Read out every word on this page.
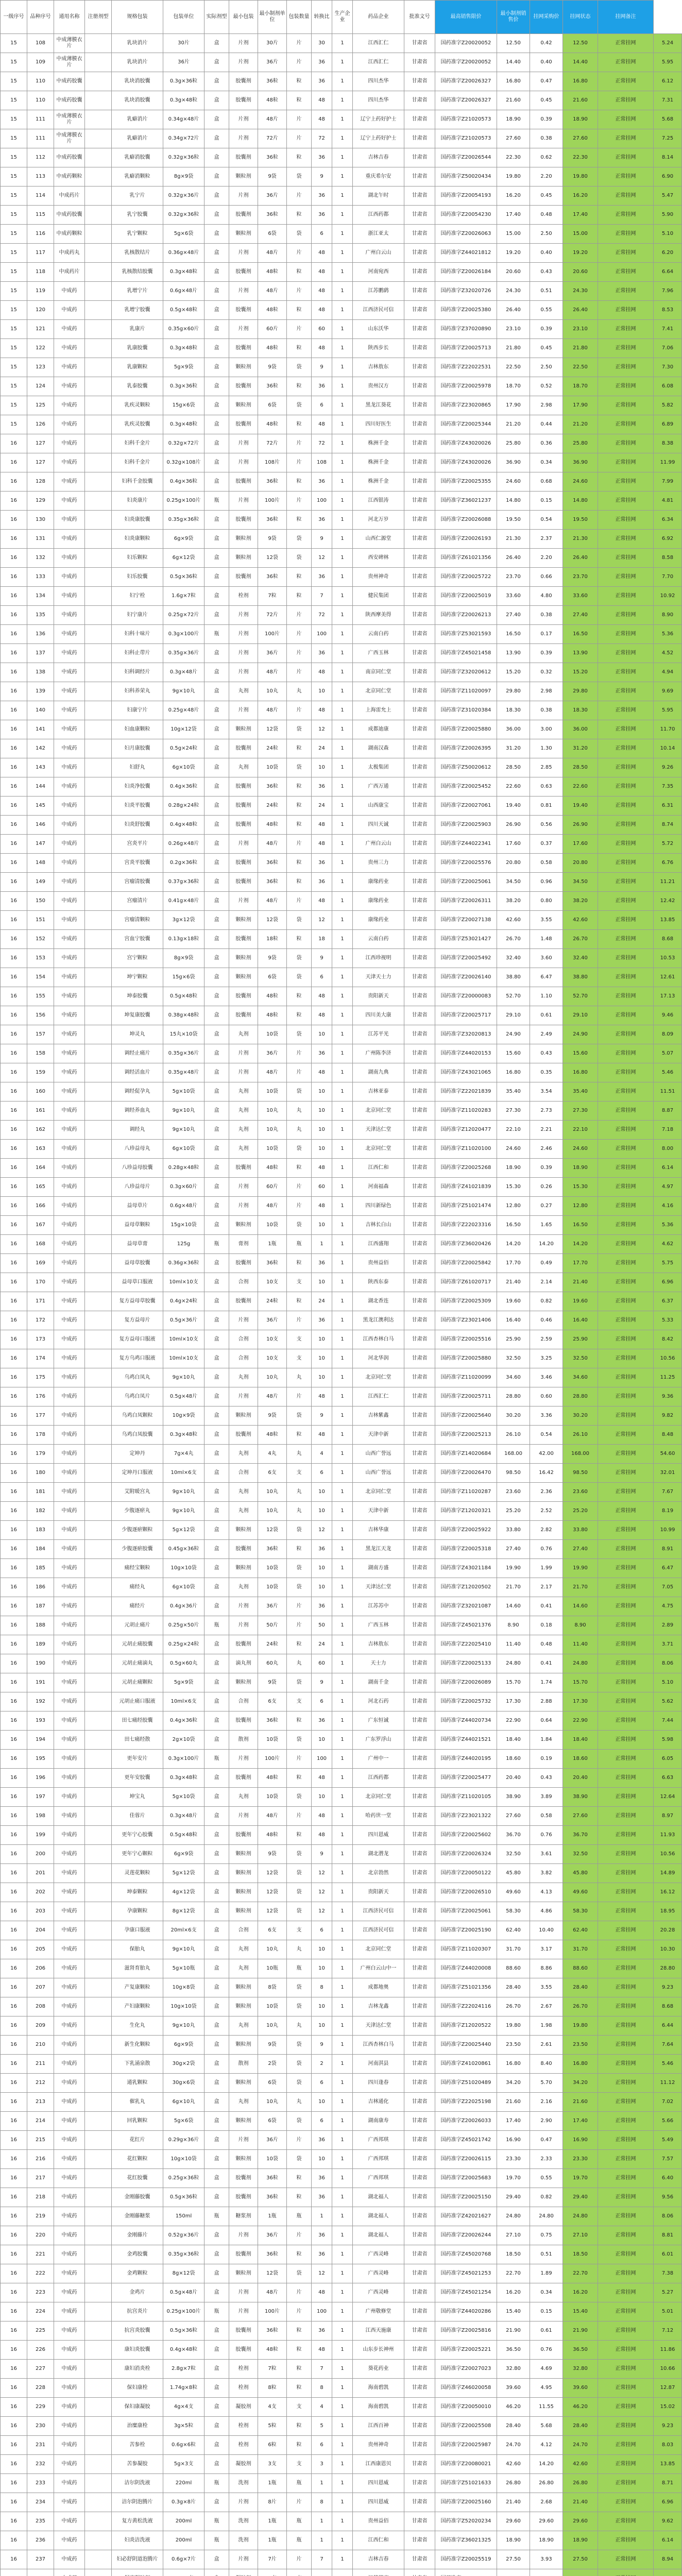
一级序号	品种序号	通用名称	注册剂型	规格包装	包装单位	实际剂型	最小包装	最小制剂单位	包装数量	转换比	生产企业	药品企业	批准文号	最高销售限价	最小制剂销售价	挂网采购价	挂网状态	挂网备注	
15	108	中成薄膜衣片		乳块消片	30片	盒	片剂	30片	片	30	1	江西汇仁	甘肃省	国药准字Z20020052	12.50	0.42	12.50	正常挂网	5.24
15	109	中成薄膜衣片		乳块消片	36片	盒	片剂	36片	片	36	1	江西汇仁	甘肃省	国药准字Z20020052	14.40	0.40	14.40	正常挂网	5.95
15	110	中成药胶囊		乳块消胶囊	0.3g×36粒	盒	胶囊剂	36粒	粒	36	1	四川杰华	甘肃省	国药准字Z20026327	16.80	0.47	16.80	正常挂网	6.12
15	110	中成药胶囊		乳块消胶囊	0.3g×48粒	盒	胶囊剂	48粒	粒	48	1	四川杰华	甘肃省	国药准字Z20026327	21.60	0.45	21.60	正常挂网	7.31
15	111	中成薄膜衣片		乳癖消片	0.34g×48片	盒	片剂	48片	片	48	1	辽宁上药好护士	甘肃省	国药准字Z21020573	18.90	0.39	18.90	正常挂网	5.68
15	111	中成薄膜衣片		乳癖消片	0.34g×72片	盒	片剂	72片	片	72	1	辽宁上药好护士	甘肃省	国药准字Z21020573	27.60	0.38	27.60	正常挂网	7.25
15	112	中成药胶囊		乳癖消胶囊	0.32g×36粒	盒	胶囊剂	36粒	粒	36	1	吉林吉春	甘肃省	国药准字Z20026544	22.30	0.62	22.30	正常挂网	8.14
15	113	中成药颗粒		乳癖消颗粒	8g×9袋	盒	颗粒剂	9袋	袋	9	1	重庆希尔安	甘肃省	国药准字Z50020434	19.80	2.20	19.80	正常挂网	6.90
15	114	中成药片		乳宁片	0.32g×36片	盒	片剂	36片	片	36	1	湖北午时	甘肃省	国药准字Z20054193	16.20	0.45	16.20	正常挂网	5.47
15	115	中成药胶囊		乳宁胶囊	0.32g×36粒	盒	胶囊剂	36粒	粒	36	1	江西药都	甘肃省	国药准字Z20054230	17.40	0.48	17.40	正常挂网	5.90
15	116	中成药颗粒		乳宁颗粒	5g×6袋	盒	颗粒剂	6袋	袋	6	1	浙江亚太	甘肃省	国药准字Z20026063	15.00	2.50	15.00	正常挂网	5.10
15	117	中成药丸		乳核散结片	0.36g×48片	盒	片剂	48片	片	48	1	广州白云山	甘肃省	国药准字Z44021812	19.20	0.40	19.20	正常挂网	6.20
15	118	中成药片		乳核散结胶囊	0.3g×48粒	盒	胶囊剂	48粒	粒	48	1	河南宛西	甘肃省	国药准字Z20026184	20.60	0.43	20.60	正常挂网	6.64
15	119	中成药		乳增宁片	0.6g×48片	盒	片剂	48片	片	48	1	江苏鹏鹞	甘肃省	国药准字Z32020726	24.30	0.51	24.30	正常挂网	7.96
15	120	中成药		乳增宁胶囊	0.5g×48粒	盒	胶囊剂	48粒	粒	48	1	江西济民可信	甘肃省	国药准字Z20025380	26.40	0.55	26.40	正常挂网	8.53
15	121	中成药		乳康片	0.35g×60片	盒	片剂	60片	片	60	1	山东沃华	甘肃省	国药准字Z37020890	23.10	0.39	23.10	正常挂网	7.41
15	122	中成药		乳康胶囊	0.3g×48粒	盒	胶囊剂	48粒	粒	48	1	陕西步长	甘肃省	国药准字Z20025713	21.80	0.45	21.80	正常挂网	7.06
15	123	中成药		乳康颗粒	5g×9袋	盒	颗粒剂	9袋	袋	9	1	吉林敖东	甘肃省	国药准字Z22022531	22.50	2.50	22.50	正常挂网	7.30
15	124	中成药		乳泰胶囊	0.3g×36粒	盒	胶囊剂	36粒	粒	36	1	贵州汉方	甘肃省	国药准字Z20025978	18.70	0.52	18.70	正常挂网	6.08
15	125	中成药		乳疾灵颗粒	15g×6袋	盒	颗粒剂	6袋	袋	6	1	黑龙江葵花	甘肃省	国药准字Z23020865	17.90	2.98	17.90	正常挂网	5.82
15	126	中成药		乳疾灵胶囊	0.3g×48粒	盒	胶囊剂	48粒	粒	48	1	四川好医生	甘肃省	国药准字Z20025344	21.20	0.44	21.20	正常挂网	6.89
16	127	中成药		妇科千金片	0.32g×72片	盒	片剂	72片	片	72	1	株洲千金	甘肃省	国药准字Z43020026	25.80	0.36	25.80	正常挂网	8.38
16	127	中成药		妇科千金片	0.32g×108片	盒	片剂	108片	片	108	1	株洲千金	甘肃省	国药准字Z43020026	36.90	0.34	36.90	正常挂网	11.99
16	128	中成药		妇科千金胶囊	0.4g×36粒	盒	胶囊剂	36粒	粒	36	1	株洲千金	甘肃省	国药准字Z20025355	24.60	0.68	24.60	正常挂网	7.99
16	129	中成药		妇炎康片	0.25g×100片	瓶	片剂	100片	片	100	1	江西银涛	甘肃省	国药准字Z36021237	14.80	0.15	14.80	正常挂网	4.81
16	130	中成药		妇炎康胶囊	0.35g×36粒	盒	胶囊剂	36粒	粒	36	1	河北万岁	甘肃省	国药准字Z20026088	19.50	0.54	19.50	正常挂网	6.34
16	131	中成药		妇炎康颗粒	6g×9袋	盒	颗粒剂	9袋	袋	9	1	山西仁源堂	甘肃省	国药准字Z20026193	21.30	2.37	21.30	正常挂网	6.92
16	132	中成药		妇乐颗粒	6g×12袋	盒	颗粒剂	12袋	袋	12	1	西安碑林	甘肃省	国药准字Z61021356	26.40	2.20	26.40	正常挂网	8.58
16	133	中成药		妇乐胶囊	0.5g×36粒	盒	胶囊剂	36粒	粒	36	1	贵州神奇	甘肃省	国药准字Z20025722	23.70	0.66	23.70	正常挂网	7.70
16	134	中成药		妇宁栓	1.6g×7粒	盒	栓剂	7粒	粒	7	1	健民集团	甘肃省	国药准字Z20025019	33.60	4.80	33.60	正常挂网	10.92
16	135	中成药		妇宁康片	0.25g×72片	盒	片剂	72片	片	72	1	陕西摩美得	甘肃省	国药准字Z20026213	27.40	0.38	27.40	正常挂网	8.90
16	136	中成药		妇科十味片	0.3g×100片	瓶	片剂	100片	片	100	1	云南白药	甘肃省	国药准字Z53021593	16.50	0.17	16.50	正常挂网	5.36
16	137	中成药		妇科止带片	0.35g×36片	盒	片剂	36片	片	36	1	广西玉林	甘肃省	国药准字Z45021458	13.90	0.39	13.90	正常挂网	4.52
16	138	中成药		妇科调经片	0.3g×48片	盒	片剂	48片	片	48	1	南京同仁堂	甘肃省	国药准字Z32020612	15.20	0.32	15.20	正常挂网	4.94
16	139	中成药		妇科养荣丸	9g×10丸	盒	丸剂	10丸	丸	10	1	北京同仁堂	甘肃省	国药准字Z11020097	29.80	2.98	29.80	正常挂网	9.69
16	140	中成药		妇康宁片	0.25g×48片	盒	片剂	48片	片	48	1	上海雷允上	甘肃省	国药准字Z31020384	18.30	0.38	18.30	正常挂网	5.95
16	141	中成药		妇血康颗粒	10g×12袋	盒	颗粒剂	12袋	袋	12	1	成都迪康	甘肃省	国药准字Z20025880	36.00	3.00	36.00	正常挂网	11.70
16	142	中成药		妇月康胶囊	0.5g×24粒	盒	胶囊剂	24粒	粒	24	1	湖南汉森	甘肃省	国药准字Z20026395	31.20	1.30	31.20	正常挂网	10.14
16	143	中成药		妇舒丸	6g×10袋	盒	丸剂	10袋	袋	10	1	太极集团	甘肃省	国药准字Z50020612	28.50	2.85	28.50	正常挂网	9.26
16	144	中成药		妇炎净胶囊	0.4g×36粒	盒	胶囊剂	36粒	粒	36	1	广西万通	甘肃省	国药准字Z20025452	22.60	0.63	22.60	正常挂网	7.35
16	145	中成药		妇炎平胶囊	0.28g×24粒	盒	胶囊剂	24粒	粒	24	1	山西康宝	甘肃省	国药准字Z20027061	19.40	0.81	19.40	正常挂网	6.31
16	146	中成药		妇炎舒胶囊	0.4g×48粒	盒	胶囊剂	48粒	粒	48	1	四川天诚	甘肃省	国药准字Z20025903	26.90	0.56	26.90	正常挂网	8.74
16	147	中成药		宫炎平片	0.26g×48片	盒	片剂	48片	片	48	1	广州白云山	甘肃省	国药准字Z44022341	17.60	0.37	17.60	正常挂网	5.72
16	148	中成药		宫炎平胶囊	0.2g×36粒	盒	胶囊剂	36粒	粒	36	1	贵州三力	甘肃省	国药准字Z20025576	20.80	0.58	20.80	正常挂网	6.76
16	149	中成药		宫瘤清胶囊	0.37g×36粒	盒	胶囊剂	36粒	粒	36	1	康缘药业	甘肃省	国药准字Z20025061	34.50	0.96	34.50	正常挂网	11.21
16	150	中成药		宫瘤清片	0.41g×48片	盒	片剂	48片	片	48	1	康缘药业	甘肃省	国药准字Z20026311	38.20	0.80	38.20	正常挂网	12.42
16	151	中成药		宫瘤清颗粒	3g×12袋	盒	颗粒剂	12袋	袋	12	1	康缘药业	甘肃省	国药准字Z20027138	42.60	3.55	42.60	正常挂网	13.85
16	152	中成药		宫血宁胶囊	0.13g×18粒	盒	胶囊剂	18粒	粒	18	1	云南白药	甘肃省	国药准字Z53021427	26.70	1.48	26.70	正常挂网	8.68
16	153	中成药		宫宁颗粒	8g×9袋	盒	颗粒剂	9袋	袋	9	1	江西珍视明	甘肃省	国药准字Z20025492	32.40	3.60	32.40	正常挂网	10.53
16	154	中成药		坤宁颗粒	15g×6袋	盒	颗粒剂	6袋	袋	6	1	天津天士力	甘肃省	国药准字Z20026140	38.80	6.47	38.80	正常挂网	12.61
16	155	中成药		坤泰胶囊	0.5g×48粒	盒	胶囊剂	48粒	粒	48	1	贵阳新天	甘肃省	国药准字Z20000083	52.70	1.10	52.70	正常挂网	17.13
16	156	中成药		坤复康胶囊	0.38g×48粒	盒	胶囊剂	48粒	粒	48	1	四川美大康	甘肃省	国药准字Z20025717	29.10	0.61	29.10	正常挂网	9.46
16	157	中成药		坤灵丸	15丸×10袋	盒	丸剂	10袋	袋	10	1	江苏平光	甘肃省	国药准字Z32020813	24.90	2.49	24.90	正常挂网	8.09
16	158	中成药		调经止痛片	0.35g×36片	盒	片剂	36片	片	36	1	广州陈李济	甘肃省	国药准字Z44020153	15.60	0.43	15.60	正常挂网	5.07
16	159	中成药		调经活血片	0.35g×48片	盒	片剂	48片	片	48	1	湖南九典	甘肃省	国药准字Z43021065	16.80	0.35	16.80	正常挂网	5.46
16	160	中成药		调经促孕丸	5g×10袋	盒	丸剂	10袋	袋	10	1	吉林亚泰	甘肃省	国药准字Z22021839	35.40	3.54	35.40	正常挂网	11.51
16	161	中成药		调经养血丸	9g×10丸	盒	丸剂	10丸	丸	10	1	北京同仁堂	甘肃省	国药准字Z11020283	27.30	2.73	27.30	正常挂网	8.87
16	162	中成药		调经丸	9g×10丸	盒	丸剂	10丸	丸	10	1	天津达仁堂	甘肃省	国药准字Z12020477	22.10	2.21	22.10	正常挂网	7.18
16	163	中成药		八珍益母丸	6g×10袋	盒	丸剂	10袋	袋	10	1	北京同仁堂	甘肃省	国药准字Z11020100	24.60	2.46	24.60	正常挂网	8.00
16	164	中成药		八珍益母胶囊	0.28g×48粒	盒	胶囊剂	48粒	粒	48	1	江西仁和	甘肃省	国药准字Z20025268	18.90	0.39	18.90	正常挂网	6.14
16	165	中成药		八珍益母片	0.3g×60片	盒	片剂	60片	片	60	1	河南福森	甘肃省	国药准字Z41021839	15.30	0.26	15.30	正常挂网	4.97
16	166	中成药		益母草片	0.6g×48片	盒	片剂	48片	片	48	1	四川新绿色	甘肃省	国药准字Z51021474	12.80	0.27	12.80	正常挂网	4.16
16	167	中成药		益母草颗粒	15g×10袋	盒	颗粒剂	10袋	袋	10	1	吉林长白山	甘肃省	国药准字Z22023316	16.50	1.65	16.50	正常挂网	5.36
16	168	中成药		益母草膏	125g	瓶	膏剂	1瓶	瓶	1	1	江西盛翔	甘肃省	国药准字Z36020426	14.20	14.20	14.20	正常挂网	4.62
16	169	中成药		益母草胶囊	0.36g×36粒	盒	胶囊剂	36粒	粒	36	1	贵州益佰	甘肃省	国药准字Z20025842	17.70	0.49	17.70	正常挂网	5.75
16	170	中成药		益母草口服液	10ml×10支	盒	合剂	10支	支	10	1	陕西东泰	甘肃省	国药准字Z61020717	21.40	2.14	21.40	正常挂网	6.96
16	171	中成药		复方益母草胶囊	0.4g×24粒	盒	胶囊剂	24粒	粒	24	1	湖北香连	甘肃省	国药准字Z20025309	19.60	0.82	19.60	正常挂网	6.37
16	172	中成药		复方益母片	0.5g×36片	盒	片剂	36片	片	36	1	黑龙江澳利达	甘肃省	国药准字Z23021406	16.40	0.46	16.40	正常挂网	5.33
16	173	中成药		复方益母口服液	10ml×10支	盒	合剂	10支	支	10	1	江西杏林白马	甘肃省	国药准字Z20025516	25.90	2.59	25.90	正常挂网	8.42
16	174	中成药		复方乌鸡口服液	10ml×10支	盒	合剂	10支	支	10	1	河北华润	甘肃省	国药准字Z20025880	32.50	3.25	32.50	正常挂网	10.56
16	175	中成药		乌鸡白凤丸	9g×10丸	盒	丸剂	10丸	丸	10	1	北京同仁堂	甘肃省	国药准字Z11020099	34.60	3.46	34.60	正常挂网	11.25
16	176	中成药		乌鸡白凤片	0.5g×48片	盒	片剂	48片	片	48	1	江西汇仁	甘肃省	国药准字Z20025711	28.80	0.60	28.80	正常挂网	9.36
16	177	中成药		乌鸡白凤颗粒	10g×9袋	盒	颗粒剂	9袋	袋	9	1	吉林紫鑫	甘肃省	国药准字Z20025640	30.20	3.36	30.20	正常挂网	9.82
16	178	中成药		乌鸡白凤胶囊	0.3g×48粒	盒	胶囊剂	48粒	粒	48	1	天津中新	甘肃省	国药准字Z20025213	26.10	0.54	26.10	正常挂网	8.48
16	179	中成药		定坤丹	7g×4丸	盒	丸剂	4丸	丸	4	1	山西广誉远	甘肃省	国药准字Z14020684	168.00	42.00	168.00	正常挂网	54.60
16	180	中成药		定坤丹口服液	10ml×6支	盒	合剂	6支	支	6	1	山西广誉远	甘肃省	国药准字Z20026470	98.50	16.42	98.50	正常挂网	32.01
16	181	中成药		艾附暖宫丸	9g×10丸	盒	丸剂	10丸	丸	10	1	北京同仁堂	甘肃省	国药准字Z11020287	23.60	2.36	23.60	正常挂网	7.67
16	182	中成药		少腹逐瘀丸	9g×10丸	盒	丸剂	10丸	丸	10	1	天津中新	甘肃省	国药准字Z12020321	25.20	2.52	25.20	正常挂网	8.19
16	183	中成药		少腹逐瘀颗粒	5g×12袋	盒	颗粒剂	12袋	袋	12	1	吉林华康	甘肃省	国药准字Z20025922	33.80	2.82	33.80	正常挂网	10.99
16	184	中成药		少腹逐瘀胶囊	0.45g×36粒	盒	胶囊剂	36粒	粒	36	1	黑龙江天龙	甘肃省	国药准字Z20025318	27.40	0.76	27.40	正常挂网	8.91
16	185	中成药		痛经宝颗粒	10g×10袋	盒	颗粒剂	10袋	袋	10	1	湖南方盛	甘肃省	国药准字Z43021184	19.90	1.99	19.90	正常挂网	6.47
16	186	中成药		痛经丸	6g×10袋	盒	丸剂	10袋	袋	10	1	天津达仁堂	甘肃省	国药准字Z12020502	21.70	2.17	21.70	正常挂网	7.05
16	187	中成药		痛经片	0.4g×36片	盒	片剂	36片	片	36	1	江苏苏中	甘肃省	国药准字Z32021087	14.60	0.41	14.60	正常挂网	4.75
16	188	中成药		元胡止痛片	0.25g×50片	瓶	片剂	50片	片	50	1	广西玉林	甘肃省	国药准字Z45021376	8.90	0.18	8.90	正常挂网	2.89
16	189	中成药		元胡止痛胶囊	0.25g×24粒	盒	胶囊剂	24粒	粒	24	1	吉林敖东	甘肃省	国药准字Z22025410	11.40	0.48	11.40	正常挂网	3.71
16	190	中成药		元胡止痛滴丸	0.5g×60丸	盒	滴丸剂	60丸	丸	60	1	天士力	甘肃省	国药准字Z20025133	24.80	0.41	24.80	正常挂网	8.06
16	191	中成药		元胡止痛颗粒	5g×9袋	盒	颗粒剂	9袋	袋	9	1	湖南千金	甘肃省	国药准字Z20026089	15.70	1.74	15.70	正常挂网	5.10
16	192	中成药		元胡止痛口服液	10ml×6支	盒	合剂	6支	支	6	1	河北石药	甘肃省	国药准字Z20025732	17.30	2.88	17.30	正常挂网	5.62
16	193	中成药		田七痛经胶囊	0.4g×36粒	盒	胶囊剂	36粒	粒	36	1	广东恒诚	甘肃省	国药准字Z44020734	22.90	0.64	22.90	正常挂网	7.44
16	194	中成药		田七痛经散	2g×10袋	盒	散剂	10袋	袋	10	1	广东罗浮山	甘肃省	国药准字Z44021521	18.40	1.84	18.40	正常挂网	5.98
16	195	中成药		更年安片	0.3g×100片	瓶	片剂	100片	片	100	1	广州中一	甘肃省	国药准字Z44020195	18.60	0.19	18.60	正常挂网	6.05
16	196	中成药		更年安胶囊	0.3g×48粒	盒	胶囊剂	48粒	粒	48	1	江西药都	甘肃省	国药准字Z20025477	20.40	0.43	20.40	正常挂网	6.63
16	197	中成药		坤宝丸	5g×10袋	盒	丸剂	10袋	袋	10	1	北京同仁堂	甘肃省	国药准字Z11020105	38.90	3.89	38.90	正常挂网	12.64
16	198	中成药		佳蓉片	0.3g×48片	盒	片剂	48片	片	48	1	哈药世一堂	甘肃省	国药准字Z23021322	27.60	0.58	27.60	正常挂网	8.97
16	199	中成药		更年宁心胶囊	0.5g×48粒	盒	胶囊剂	48粒	粒	48	1	四川恩威	甘肃省	国药准字Z20025602	36.70	0.76	36.70	正常挂网	11.93
16	200	中成药		更年宁心颗粒	6g×9袋	盒	颗粒剂	9袋	袋	9	1	湖北潜龙	甘肃省	国药准字Z20026324	32.50	3.61	32.50	正常挂网	10.56
16	201	中成药		灵莲花颗粒	5g×12袋	盒	颗粒剂	12袋	袋	12	1	北京勃然	甘肃省	国药准字Z20050122	45.80	3.82	45.80	正常挂网	14.89
16	202	中成药		坤泰颗粒	4g×12袋	盒	颗粒剂	12袋	袋	12	1	贵阳新天	甘肃省	国药准字Z20026510	49.60	4.13	49.60	正常挂网	16.12
16	203	中成药		孕康颗粒	8g×12袋	盒	颗粒剂	12袋	袋	12	1	江西济民可信	甘肃省	国药准字Z20025061	58.30	4.86	58.30	正常挂网	18.95
16	204	中成药		孕康口服液	20ml×6支	盒	合剂	6支	支	6	1	江西济民可信	甘肃省	国药准字Z20025190	62.40	10.40	62.40	正常挂网	20.28
16	205	中成药		保胎丸	9g×10丸	盒	丸剂	10丸	丸	10	1	北京同仁堂	甘肃省	国药准字Z11020307	31.70	3.17	31.70	正常挂网	10.30
16	206	中成药		滋肾育胎丸	5g×10瓶	盒	丸剂	10瓶	瓶	10	1	广州白云山中一	甘肃省	国药准字Z44020008	88.60	8.86	88.60	正常挂网	28.80
16	207	中成药		产复康颗粒	10g×8袋	盒	颗粒剂	8袋	袋	8	1	成都地奥	甘肃省	国药准字Z51021356	28.40	3.55	28.40	正常挂网	9.23
16	208	中成药		产妇康颗粒	10g×10袋	盒	颗粒剂	10袋	袋	10	1	吉林龙鑫	甘肃省	国药准字Z22024116	26.70	2.67	26.70	正常挂网	8.68
16	209	中成药		生化丸	9g×10丸	盒	丸剂	10丸	丸	10	1	天津达仁堂	甘肃省	国药准字Z12020522	19.80	1.98	19.80	正常挂网	6.44
16	210	中成药		新生化颗粒	6g×9袋	盒	颗粒剂	9袋	袋	9	1	江西杏林白马	甘肃省	国药准字Z20025440	23.50	2.61	23.50	正常挂网	7.64
16	211	中成药		下乳涌泉散	30g×2袋	盒	散剂	2袋	袋	2	1	河南淇县	甘肃省	国药准字Z41020861	16.80	8.40	16.80	正常挂网	5.46
16	212	中成药		通乳颗粒	30g×6袋	盒	颗粒剂	6袋	袋	6	1	四川逢春	甘肃省	国药准字Z51020489	34.20	5.70	34.20	正常挂网	11.12
16	213	中成药		催乳丸	6g×10丸	盒	丸剂	10丸	丸	10	1	吉林通化	甘肃省	国药准字Z22025198	21.60	2.16	21.60	正常挂网	7.02
16	214	中成药		回乳颗粒	5g×6袋	盒	颗粒剂	6袋	袋	6	1	湖南康寿	甘肃省	国药准字Z20026033	17.40	2.90	17.40	正常挂网	5.66
16	215	中成药		花红片	0.29g×36片	盒	片剂	36片	片	36	1	广西邦琪	甘肃省	国药准字Z45021742	16.90	0.47	16.90	正常挂网	5.49
16	216	中成药		花红颗粒	10g×10袋	盒	颗粒剂	10袋	袋	10	1	广西邦琪	甘肃省	国药准字Z20026115	23.30	2.33	23.30	正常挂网	7.57
16	217	中成药		花红胶囊	0.25g×36粒	盒	胶囊剂	36粒	粒	36	1	广西邦琪	甘肃省	国药准字Z20025683	19.70	0.55	19.70	正常挂网	6.40
16	218	中成药		金刚藤胶囊	0.5g×36粒	盒	胶囊剂	36粒	粒	36	1	湖北福人	甘肃省	国药准字Z20025150	29.40	0.82	29.40	正常挂网	9.56
16	219	中成药		金刚藤糖浆	150ml	瓶	糖浆剂	1瓶	瓶	1	1	湖北福人	甘肃省	国药准字Z42021627	24.80	24.80	24.80	正常挂网	8.06
16	220	中成药		金刚藤片	0.52g×36片	盒	片剂	36片	片	36	1	湖北福人	甘肃省	国药准字Z20026244	27.10	0.75	27.10	正常挂网	8.81
16	221	中成药		金鸡胶囊	0.35g×36粒	盒	胶囊剂	36粒	粒	36	1	广西灵峰	甘肃省	国药准字Z45020768	18.50	0.51	18.50	正常挂网	6.01
16	222	中成药		金鸡颗粒	8g×12袋	盒	颗粒剂	12袋	袋	12	1	广西灵峰	甘肃省	国药准字Z45021253	22.70	1.89	22.70	正常挂网	7.38
16	223	中成药		金鸡片	0.5g×48片	盒	片剂	48片	片	48	1	广西灵峰	甘肃省	国药准字Z45021254	16.20	0.34	16.20	正常挂网	5.27
16	224	中成药		抗宫炎片	0.25g×100片	瓶	片剂	100片	片	100	1	广州敬修堂	甘肃省	国药准字Z44020286	15.40	0.15	15.40	正常挂网	5.01
16	225	中成药		抗宫炎胶囊	0.5g×36粒	盒	胶囊剂	36粒	粒	36	1	江西天施康	甘肃省	国药准字Z20025816	21.90	0.61	21.90	正常挂网	7.12
16	226	中成药		康妇炎胶囊	0.4g×48粒	盒	胶囊剂	48粒	粒	48	1	山东步长神州	甘肃省	国药准字Z20025221	36.50	0.76	36.50	正常挂网	11.86
16	227	中成药		康妇消炎栓	2.8g×7粒	盒	栓剂	7粒	粒	7	1	葵花药业	甘肃省	国药准字Z20027023	32.80	4.69	32.80	正常挂网	10.66
16	228	中成药		保妇康栓	1.74g×8粒	盒	栓剂	8粒	粒	8	1	海南碧凯	甘肃省	国药准字Z46020058	39.60	4.95	39.60	正常挂网	12.87
16	229	中成药		保妇康凝胶	4g×4支	盒	凝胶剂	4支	支	4	1	海南碧凯	甘肃省	国药准字Z20050010	46.20	11.55	46.20	正常挂网	15.02
16	230	中成药		治糜康栓	3g×5粒	盒	栓剂	5粒	粒	5	1	江西百神	甘肃省	国药准字Z20025508	28.40	5.68	28.40	正常挂网	9.23
16	231	中成药		苦参栓	0.6g×6粒	盒	栓剂	6粒	粒	6	1	贵州神奇	甘肃省	国药准字Z20025987	24.70	4.12	24.70	正常挂网	8.03
16	232	中成药		苦参凝胶	5g×3支	盒	凝胶剂	3支	支	3	1	江西康恩贝	甘肃省	国药准字Z20080021	42.60	14.20	42.60	正常挂网	13.85
16	233	中成药		洁尔阴洗液	220ml	瓶	洗剂	1瓶	瓶	1	1	四川恩威	甘肃省	国药准字Z51021633	26.80	26.80	26.80	正常挂网	8.71
16	234	中成药		洁尔阴泡腾片	0.3g×8片	盒	片剂	8片	片	8	1	四川恩威	甘肃省	国药准字Z20025160	21.40	2.68	21.40	正常挂网	6.96
16	235	中成药		复方黄松洗液	200ml	瓶	洗剂	1瓶	瓶	1	1	贵州益佰	甘肃省	国药准字Z52020234	29.60	29.60	29.60	正常挂网	9.62
16	236	中成药		妇炎洁洗液	200ml	瓶	洗剂	1瓶	瓶	1	1	江西仁和	甘肃省	国药准字Z36021325	18.90	18.90	18.90	正常挂网	6.14
16	237	中成药		妇必舒阴道泡腾片	0.6g×7片	盒	片剂	7片	片	7	1	吉林吉春	甘肃省	国药准字Z20025519	27.50	3.93	27.50	正常挂网	8.94
